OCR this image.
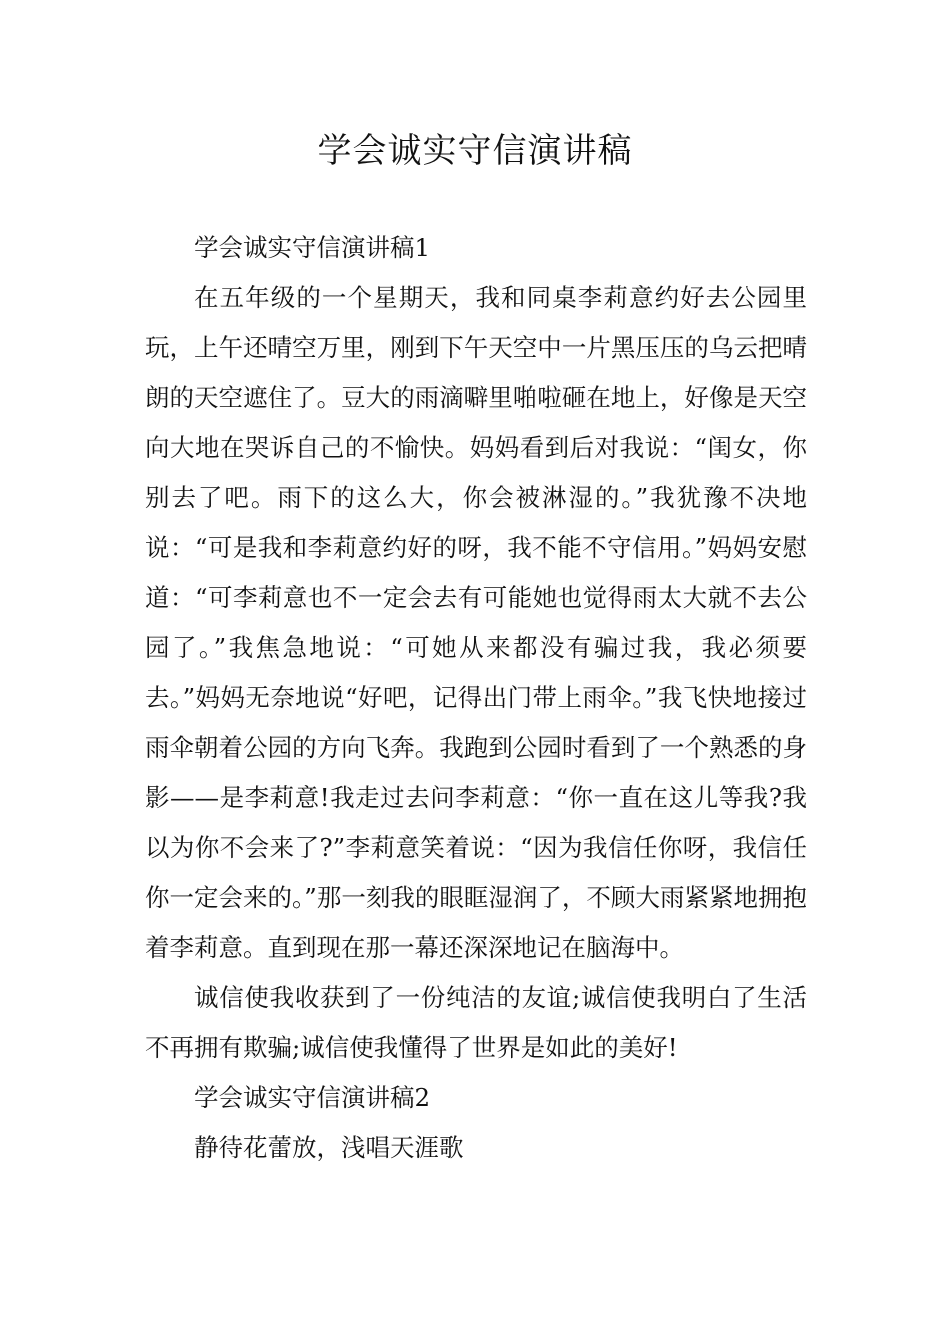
学会诚实守信演讲稿

学会诚实守信演讲稿1

在五年级的一个星期天，我和同桌李莉意约好去公园里玩，上午还晴空万里，刚到下午天空中一片黑压压的乌云把晴朗的天空遮住了。豆大的雨滴噼里啪啦砸在地上，好像是天空向大地在哭诉自己的不愉快。妈妈看到后对我说：“闺女，你别去了吧。雨下的这么大，你会被淋湿的。”我犹豫不决地说：“可是我和李莉意约好的呀，我不能不守信用。”妈妈安慰道：“可李莉意也不一定会去有可能她也觉得雨太大就不去公园了。”我焦急地说：“可她从来都没有骗过我，我必须要去。”妈妈无奈地说“好吧，记得出门带上雨伞。”我飞快地接过雨伞朝着公园的方向飞奔。我跑到公园时看到了一个熟悉的身影——是李莉意!我走过去问李莉意：“你一直在这儿等我?我以为你不会来了?”李莉意笑着说：“因为我信任你呀，我信任你一定会来的。”那一刻我的眼眶湿润了，不顾大雨紧紧地拥抱着李莉意。直到现在那一幕还深深地记在脑海中。

诚信使我收获到了一份纯洁的友谊;诚信使我明白了生活不再拥有欺骗;诚信使我懂得了世界是如此的美好!

学会诚实守信演讲稿2

静待花蕾放，浅唱天涯歌
